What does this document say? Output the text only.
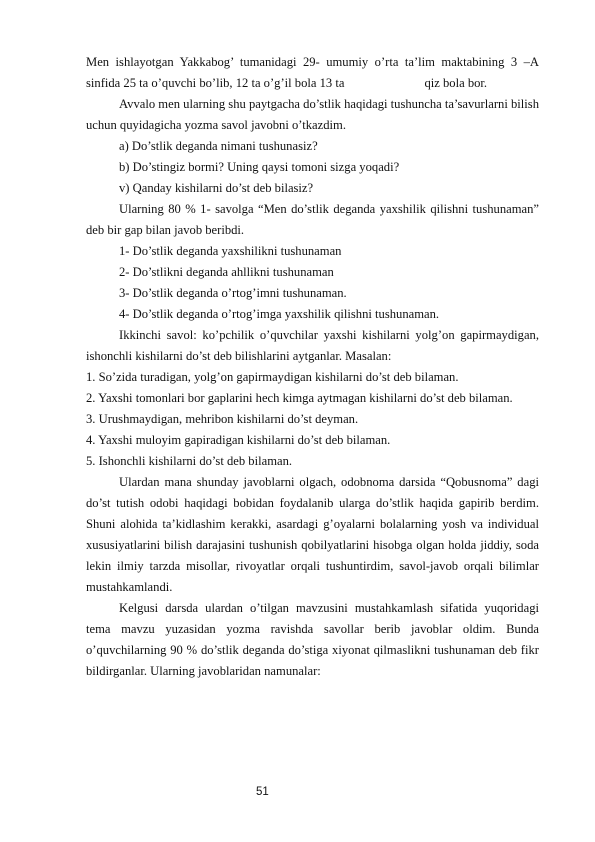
Men ishlayotgan Yakkabog’ tumanidagi 29- umumiy o’rta ta’lim maktabining 3 –A sinfida 25 ta o’quvchi bo’lib, 12 ta o’g’il bola 13 ta	qiz bola bor.

Avvalo men ularning shu paytgacha do’stlik haqidagi tushuncha ta’savurlarni bilish uchun quyidagicha yozma savol javobni o’tkazdim.

a) Do’stlik deganda nimani tushunasiz?

b) Do’stingiz bormi? Uning qaysi tomoni sizga yoqadi?

v) Qanday kishilarni do’st deb bilasiz?

Ularning 80 % 1- savolga “Men do’stlik deganda yaxshilik qilishni tushunaman” deb bir gap bilan javob beribdi.

1- Do’stlik deganda yaxshilikni tushunaman

2- Do’stlikni deganda ahllikni tushunaman

3- Do’stlik deganda o’rtog’imni tushunaman.

4- Do’stlik deganda o’rtog’imga yaxshilik qilishni tushunaman.

Ikkinchi savol: ko’pchilik o’quvchilar yaxshi kishilarni yolg’on gapirmaydigan, ishonchli kishilarni do’st deb bilishlarini aytganlar. Masalan:

1. So’zida turadigan, yolg’on gapirmaydigan kishilarni do’st deb bilaman.

2. Yaxshi tomonlari bor gaplarini hech kimga aytmagan kishilarni do’st deb bilaman.

3. Urushmaydigan, mehribon kishilarni do’st deyman.

4. Yaxshi muloyim gapiradigan kishilarni do’st deb bilaman.

5. Ishonchli kishilarni do’st deb bilaman.

Ulardan mana shunday javoblarni olgach, odobnoma darsida “Qobusnoma” dagi do’st tutish odobi haqidagi bobidan foydalanib ularga do’stlik haqida gapirib berdim. Shuni alohida ta’kidlashim kerakki, asardagi g’oyalarni bolalarning yosh va individual xususiyatlarini bilish darajasini tushunish qobilyatlarini hisobga olgan holda jiddiy, soda lekin ilmiy tarzda misollar, rivoyatlar orqali tushuntirdim, savol-javob orqali bilimlar mustahkamlandi.

Kelgusi darsda ulardan o’tilgan mavzusini mustahkamlash sifatida yuqoridagi tema mavzu yuzasidan yozma ravishda savollar berib javoblar oldim. Bunda o’quvchilarning 90 % do’stlik deganda do’stiga xiyonat qilmaslikni tushunaman deb fikr bildirganlar. Ularning javoblaridan namunalar:

51
